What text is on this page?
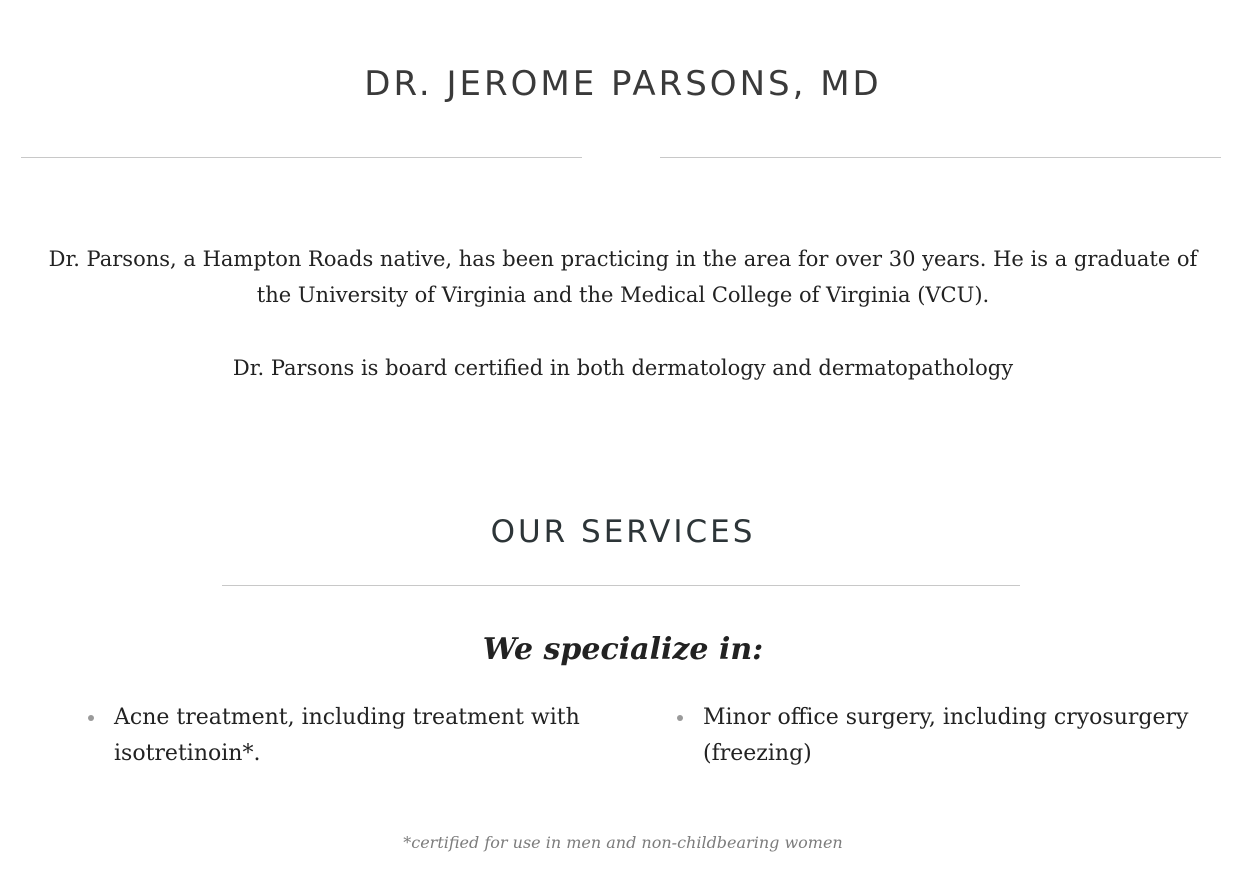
DR. JEROME PARSONS, MD

Dr. Parsons, a Hampton Roads native, has been practicing in the area for over 30 years. He is a graduate of the University of Virginia and the Medical College of Virginia (VCU).

Dr. Parsons is board certified in both dermatology and dermatopathology

OUR SERVICES
We specialize in:
Acne treatment, including treatment with isotretinoin*.
Minor office surgery, including cryosurgery (freezing)

*certified for use in men and non-childbearing women
